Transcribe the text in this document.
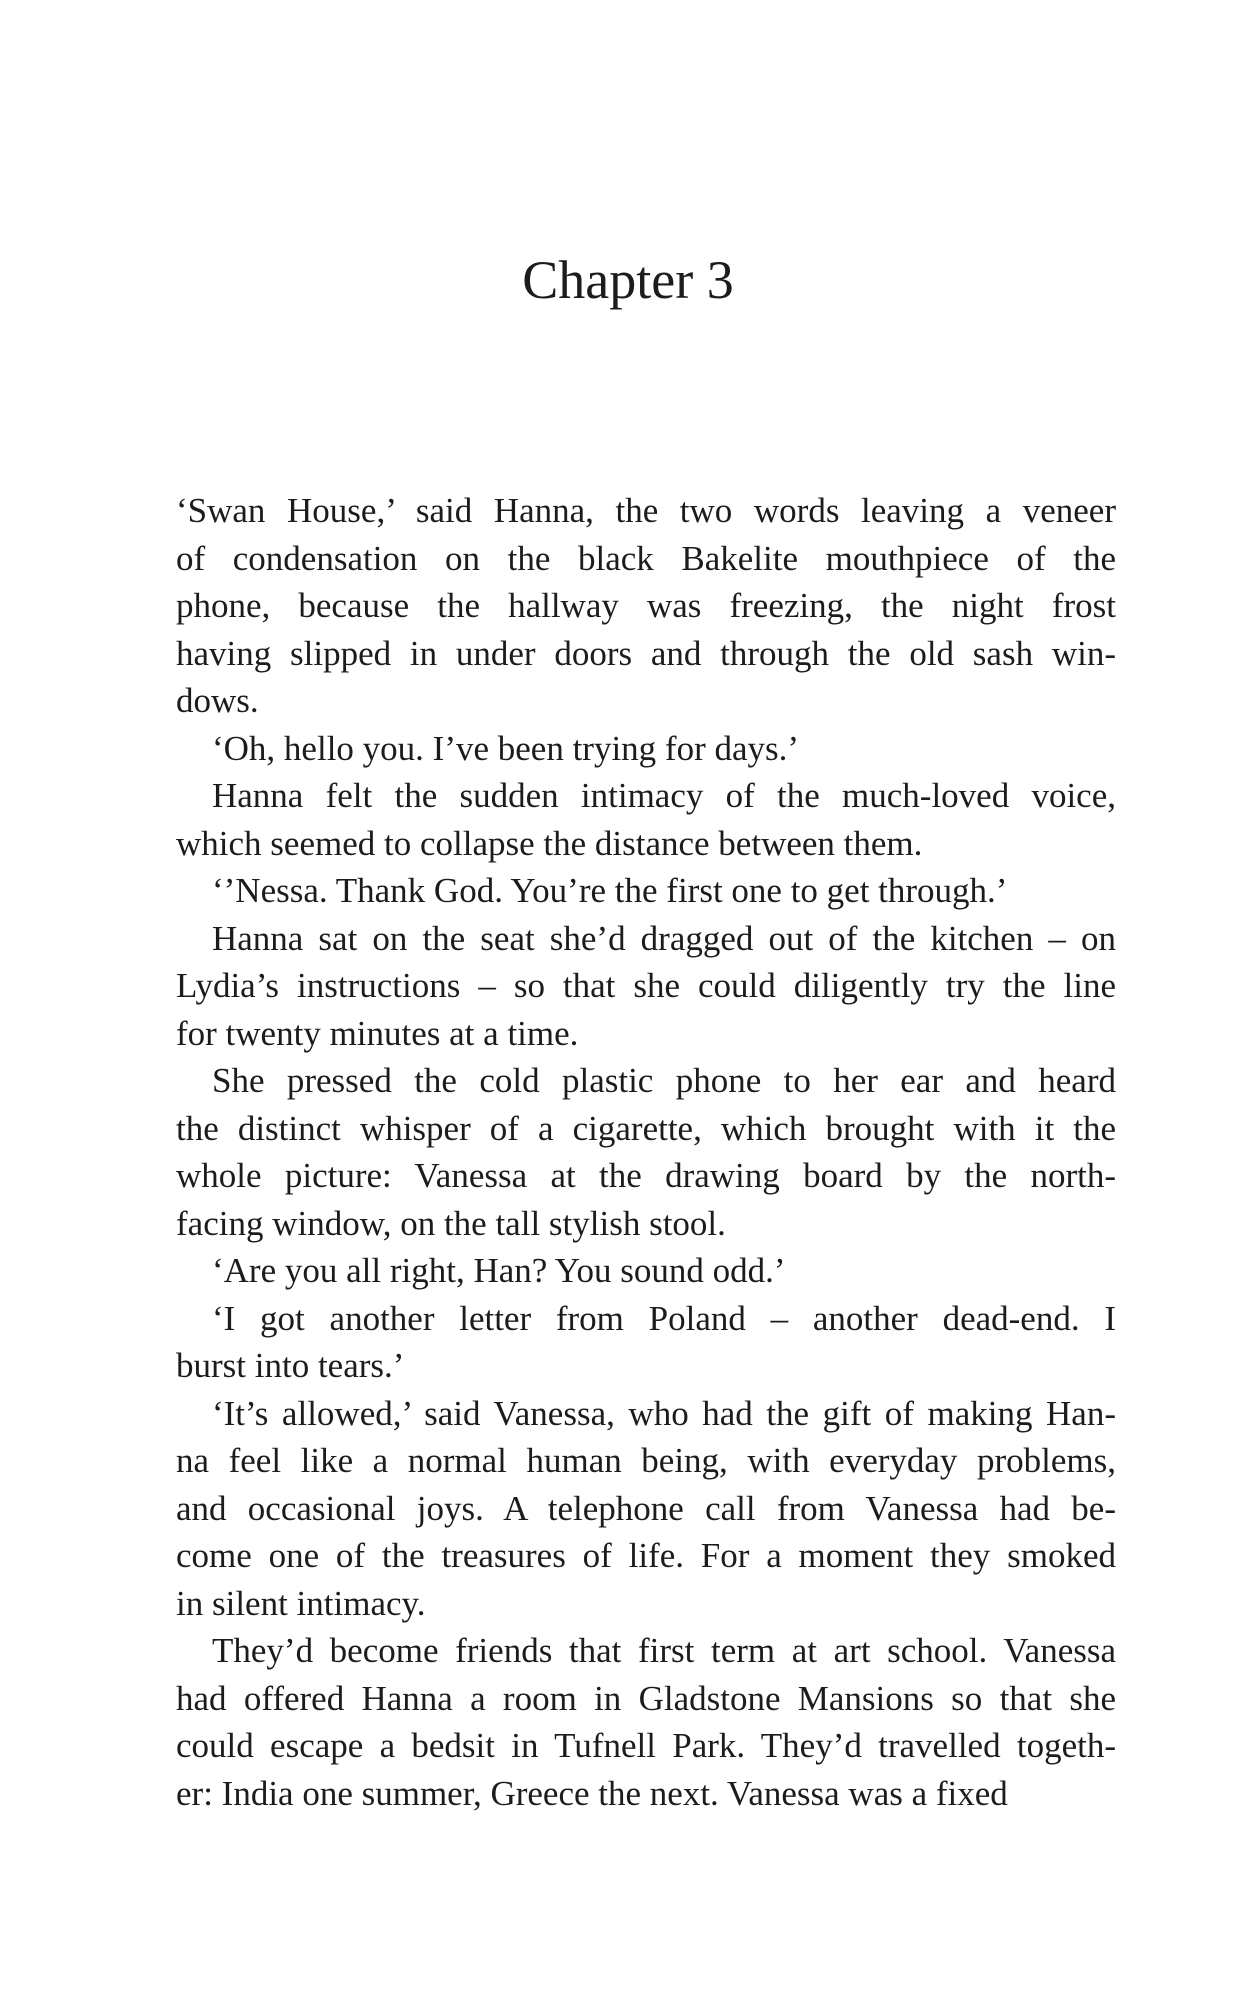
Chapter 3

‘Swan House,’ said Hanna, the two words leaving a veneer
of condensation on the black Bakelite mouthpiece of the
phone, because the hallway was freezing, the night frost
having slipped in under doors and through the old sash win-
dows.

‘Oh, hello you. I’ve been trying for days.’

Hanna felt the sudden intimacy of the much-loved voice,
which seemed to collapse the distance between them.

‘’Nessa. Thank God. You’re the first one to get through.’

Hanna sat on the seat she’d dragged out of the kitchen – on
Lydia’s instructions – so that she could diligently try the line
for twenty minutes at a time.

She pressed the cold plastic phone to her ear and heard
the distinct whisper of a cigarette, which brought with it the
whole picture: Vanessa at the drawing board by the north-
facing window, on the tall stylish stool.

‘Are you all right, Han? You sound odd.’

‘I got another letter from Poland – another dead-end. I
burst into tears.’

‘It’s allowed,’ said Vanessa, who had the gift of making Han-
na feel like a normal human being, with everyday problems,
and occasional joys. A telephone call from Vanessa had be-
come one of the treasures of life. For a moment they smoked
in silent intimacy.

They’d become friends that first term at art school. Vanessa
had offered Hanna a room in Gladstone Mansions so that she
could escape a bedsit in Tufnell Park. They’d travelled togeth-
er: India one summer, Greece the next. Vanessa was a fixed
